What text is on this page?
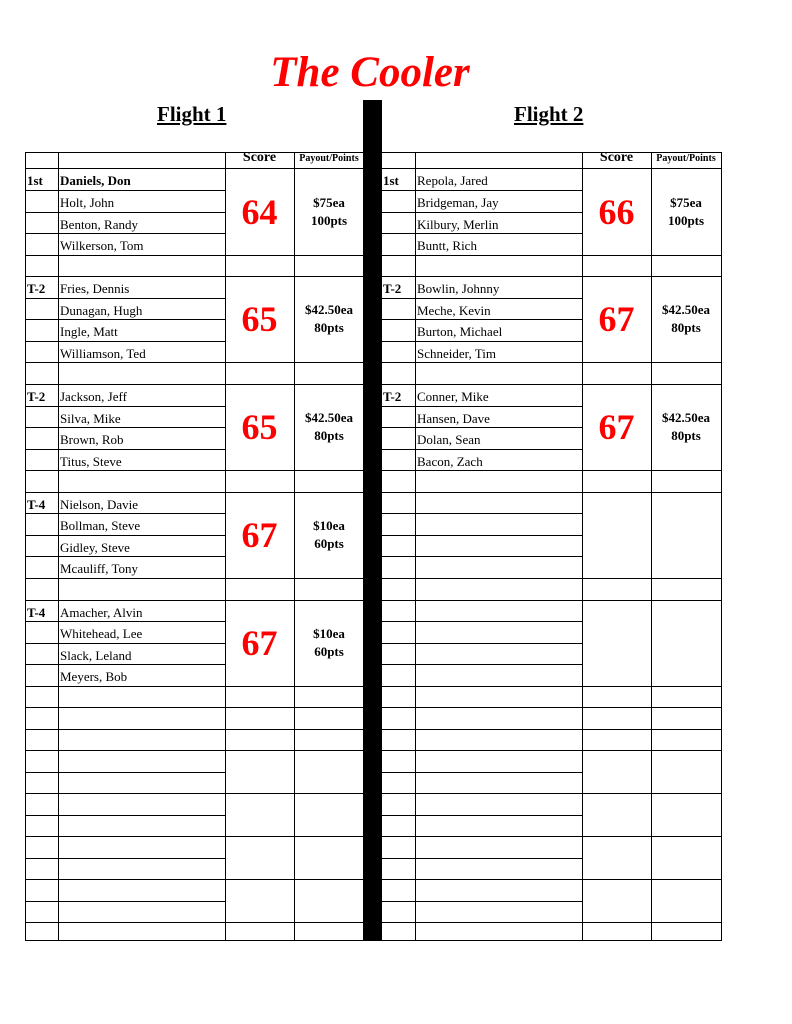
The Cooler
Flight 1	Flight 2
Score	Payout/Points	Score	Payout/Points
1st Daniels, Don
Holt, John
Benton, Randy
Wilkerson, Tom
64	$75ea
100pts
T-2 Fries, Dennis
Dunagan, Hugh
Ingle, Matt
Williamson, Ted
65	$42.50ea
80pts
T-2 Jackson, Jeff
Silva, Mike
Brown, Rob
Titus, Steve
65	$42.50ea
80pts
T-4 Nielson, Davie
Bollman, Steve
Gidley, Steve
Mcauliff, Tony
67	$10ea
60pts
T-4 Amacher, Alvin
Whitehead, Lee
Slack, Leland
Meyers, Bob
67	$10ea
60pts
1st Repola, Jared
Bridgeman, Jay
Kilbury, Merlin
Buntt, Rich
66	$75ea
100pts
T-2 Bowlin, Johnny
Meche, Kevin
Burton, Michael
Schneider, Tim
67	$42.50ea
80pts
T-2 Conner, Mike
Hansen, Dave
Dolan, Sean
Bacon, Zach
67	$42.50ea
80pts
